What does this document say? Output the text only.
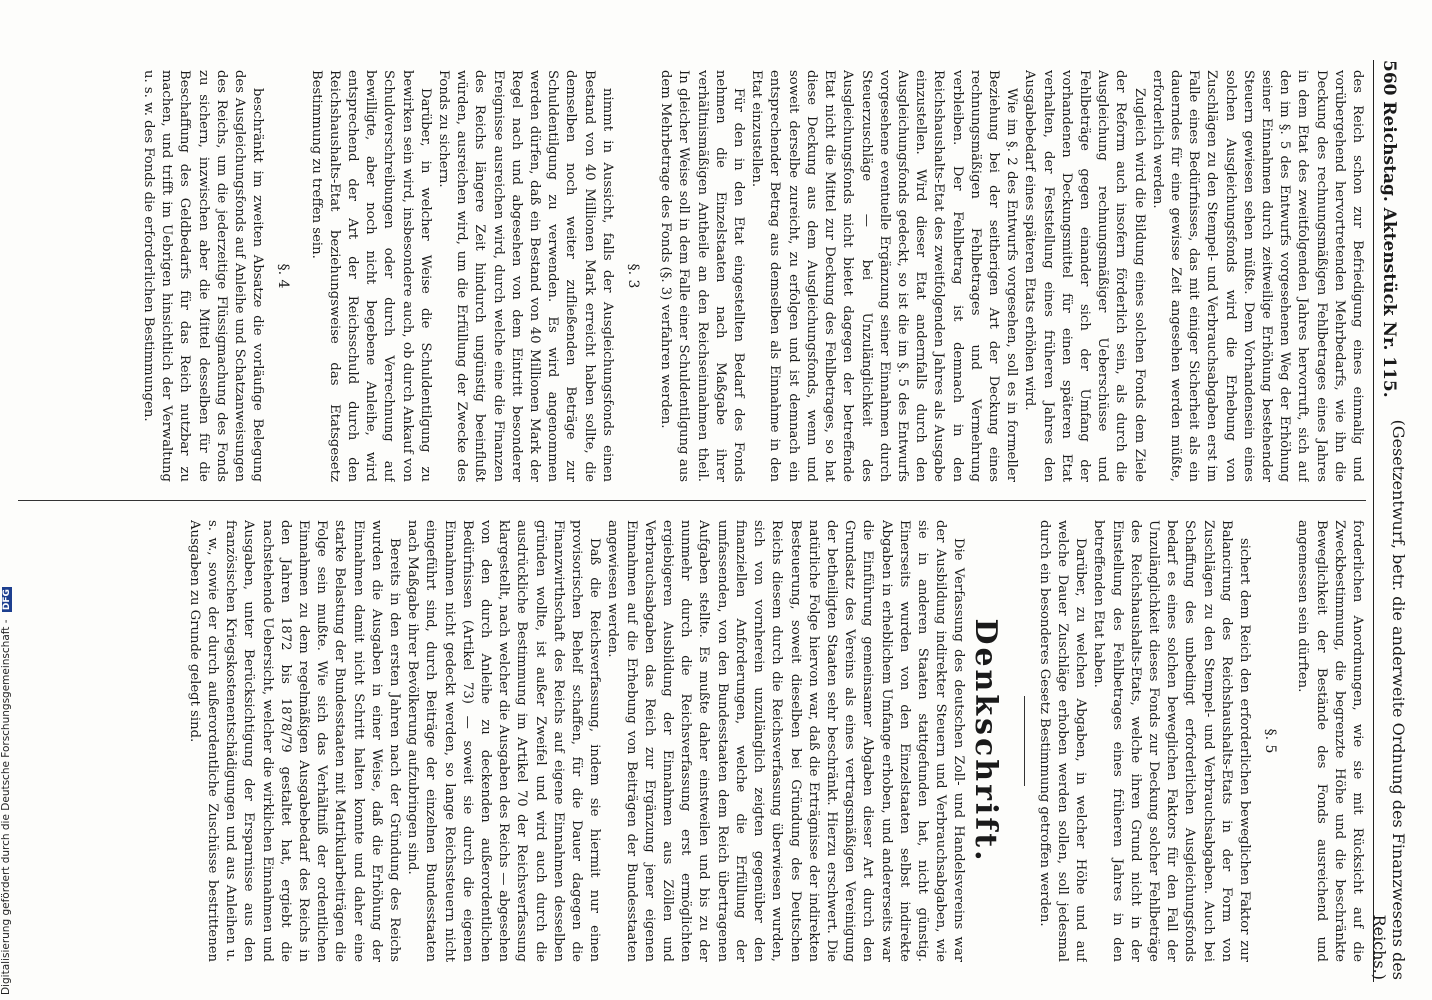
560 Reichstag. Aktenstück Nr. 115.
(Gesetzentwurf, betr. die anderweite Ordnung des Finanzwesens des Reichs.)

des Reich schon zur Befriedigung eines einmalig und vorübergehend hervortretenden Mehrbedarfs, wie ihn die Deckung des rechnungsmäßigen Fehlbetrages eines Jahres in dem Etat des zweitfolgenden Jahres hervorruft, sich auf den im §. 5 des Entwurfs vorgesehenen Weg der Erhöhung seiner Einnahmen durch zeitweilige Erhöhung bestehender Steuern gewiesen sehen müßte. Dem Vorhandensein eines solchen Ausgleichungsfonds wird die Erhebung von Zuschlägen zu den Stempel- und Verbrauchsabgaben erst im Falle eines Bedürfnisses, das mit einiger Sicherheit als ein dauerndes für eine gewisse Zeit angesehen werden müßte, erforderlich werden.

Zugleich wird die Bildung eines solchen Fonds dem Ziele der Reform auch insofern förderlich sein, als durch die Ausgleichung rechnungsmäßiger Ueberschüsse und Fehlbeträge gegen einander sich der Umfang der vorhandenen Deckungsmittel für einen späteren Etat verhalten, der Feststellung eines früheren Jahres den Ausgabebedarf eines späteren Etats erhöhen wird.

Wie im §. 2 des Entwurfs vorgesehen, soll es in formeller Beziehung bei der seitherigen Art der Deckung eines rechnungsmäßigen Fehlbetrages und Vermehrung verbleiben. Der Fehlbetrag ist demnach in den Reichshaushalts-Etat des zweitfolgenden Jahres als Ausgabe einzustellen. Wird dieser Etat andernfalls durch den Ausgleichungsfonds gedeckt, so ist die im §. 5 des Entwurfs vorgesehene eventuelle Ergänzung seiner Einnahmen durch Steuerzuschläge — bei Unzulänglichkeit des Ausgleichungsfonds nicht bietet dagegen der betreffende Etat nicht die Mittel zur Deckung des Fehlbetrages, so hat diese Deckung aus dem Ausgleichungsfonds, wenn und soweit derselbe zureicht, zu erfolgen und ist demnach ein entsprechender Betrag aus demselben als Einnahme in den Etat einzustellen.

Für den in den Etat eingestellten Bedarf des Fonds nehmen die Einzelstaaten nach Maßgabe ihrer verhältnismäßigen Antheile an den Reichseinnahmen theil. In gleicher Weise soll in dem Falle einer Schuldentilgung aus dem Mehrbetrage des Fonds (§. 3) verfahren werden.

§. 3

nimmt in Aussicht, falls der Ausgleichungsfonds einen Bestand von 40 Millionen Mark erreicht haben sollte, die demselben noch weiter zufließenden Beträge zur Schuldentilgung zu verwenden. Es wird angenommen werden dürfen, daß ein Bestand von 40 Millionen Mark der Regel nach und abgesehen von dem Eintritt besonderer Ereignisse ausreichen wird, durch welche eine die Finanzen des Reichs längere Zeit hindurch ungünstig beeinflußt würden, ausreichen wird, um die Erfüllung der Zwecke des Fonds zu sichern.

Darüber, in welcher Weise die Schuldentilgung zu bewirken sein wird, insbesondere auch, ob durch Ankauf von Schuldverschreibungen oder durch Verrechnung auf bewilligte, aber noch nicht begebene Anleihe, wird entsprechend der Art der Reichsschuld durch den Reichshaushalts-Etat beziehungsweise das Etatsgesetz Bestimmung zu treffen sein.

§. 4

beschränkt im zweiten Absatze die vorläufige Belegung des Ausgleichungsfonds auf Anleihe und Schatzanweisungen des Reichs, um die jederzeitige Flüssigmachung des Fonds zu sichern, inzwischen aber die Mittel desselben für die Beschaffung des Geldbedarfs für das Reich nutzbar zu machen, und trifft im Uebrigen hinsichtlich der Verwaltung u. s. w. des Fonds die erforderlichen Bestimmungen.

forderlichen Anordnungen, wie sie mit Rücksicht auf die Zweckbestimmung, die begrenzte Höhe und die beschränkte Beweglichkeit der Bestände des Fonds ausreichend und angemessen sein dürften.

§. 5

sichert dem Reich den erforderlichen beweglichen Faktor zur Balancirung des Reichshaushalts-Etats in der Form von Zuschlägen zu den Stempel- und Verbrauchsabgaben. Auch bei Schaffung des unbedingt erforderlichen Ausgleichungsfonds bedarf es eines solchen beweglichen Faktors für den Fall der Unzulänglichkeit dieses Fonds zur Deckung solcher Fehlbeträge des Reichshaushalts-Etats, welche ihren Grund nicht in der Einstellung des Fehlbetrages eines früheren Jahres in den betreffenden Etat haben.

Darüber, zu welchen Abgaben, in welcher Höhe und auf welche Dauer Zuschläge erhoben werden sollen, soll jedesmal durch ein besonderes Gesetz Bestimmung getroffen werden.

Denkschrift.

Die Verfassung des deutschen Zoll- und Handelsvereins war der Ausbildung indirekter Steuern und Verbrauchsabgaben, wie sie in anderen Staaten stattgefunden hat, nicht günstig. Einerseits wurden von den Einzelstaaten selbst indirekte Abgaben in erheblichem Umfange erhoben, und andererseits war die Einführung gemeinsamer Abgaben dieser Art durch den Grundsatz des Vereins als eines vertragsmäßigen Vereinigung der betheiligten Staaten sehr beschränkt. Hierzu erschwert. Die natürliche Folge hiervon war, daß die Erträgnisse der indirekten Besteuerung, soweit dieselben bei Gründung des Deutschen Reichs diesem durch die Reichsverfassung überwiesen wurden, sich von vornherein unzulänglich zeigten gegenüber den finanziellen Anforderungen, welche die Erfüllung der umfassenden, von den Bundesstaaten dem Reich übertragenen Aufgaben stellte. Es mußte daher einstweilen und bis zu der nunmehr durch die Reichsverfassung erst ermöglichten ergiebigeren Ausbildung der Einnahmen aus Zöllen und Verbrauchsabgaben das Reich zur Ergänzung jener eigenen Einnahmen auf die Erhebung von Beiträgen der Bundesstaaten angewiesen werden.

Daß die Reichsverfassung, indem sie hiermit nur einen provisorischen Behelf schaffen, für die Dauer dagegen die Finanzwirthschaft des Reichs auf eigene Einnahmen desselben gründen wollte, ist außer Zweifel und wird auch durch die ausdrückliche Bestimmung im Artikel 70 der Reichsverfassung klargestellt, nach welcher die Ausgaben des Reichs — abgesehen von den durch Anleihe zu deckenden außerordentlichen Bedürfnissen (Artikel 73) — soweit sie durch die eigenen Einnahmen nicht gedeckt werden, so lange Reichssteuern nicht eingeführt sind, durch Beiträge der einzelnen Bundesstaaten nach Maßgabe ihrer Bevölkerung aufzubringen sind.

Bereits in den ersten Jahren nach der Gründung des Reichs wurden die Ausgaben in einer Weise, daß die Erhöhung der Einnahmen damit nicht Schritt halten konnte und daher eine starke Belastung der Bundesstaaten mit Matrikularbeiträgen die Folge sein mußte. Wie sich das Verhältniß der ordentlichen Einnahmen zu dem regelmäßigen Ausgabebedarf des Reichs in den Jahren 1872 bis 1878/79 gestaltet hat, ergiebt die nachstehende Uebersicht, welcher die wirklichen Einnahmen und Ausgaben, unter Berücksichtigung der Ersparnisse aus den französischen Kriegskostenentschädigungen und aus Anleihen u. s. w., sowie der durch außerordentliche Zuschüsse bestrittenen Ausgaben zu Grunde gelegt sind.

Digitalisierung gefördert durch die Deutsche Forschungsgemeinschaft - DFG
